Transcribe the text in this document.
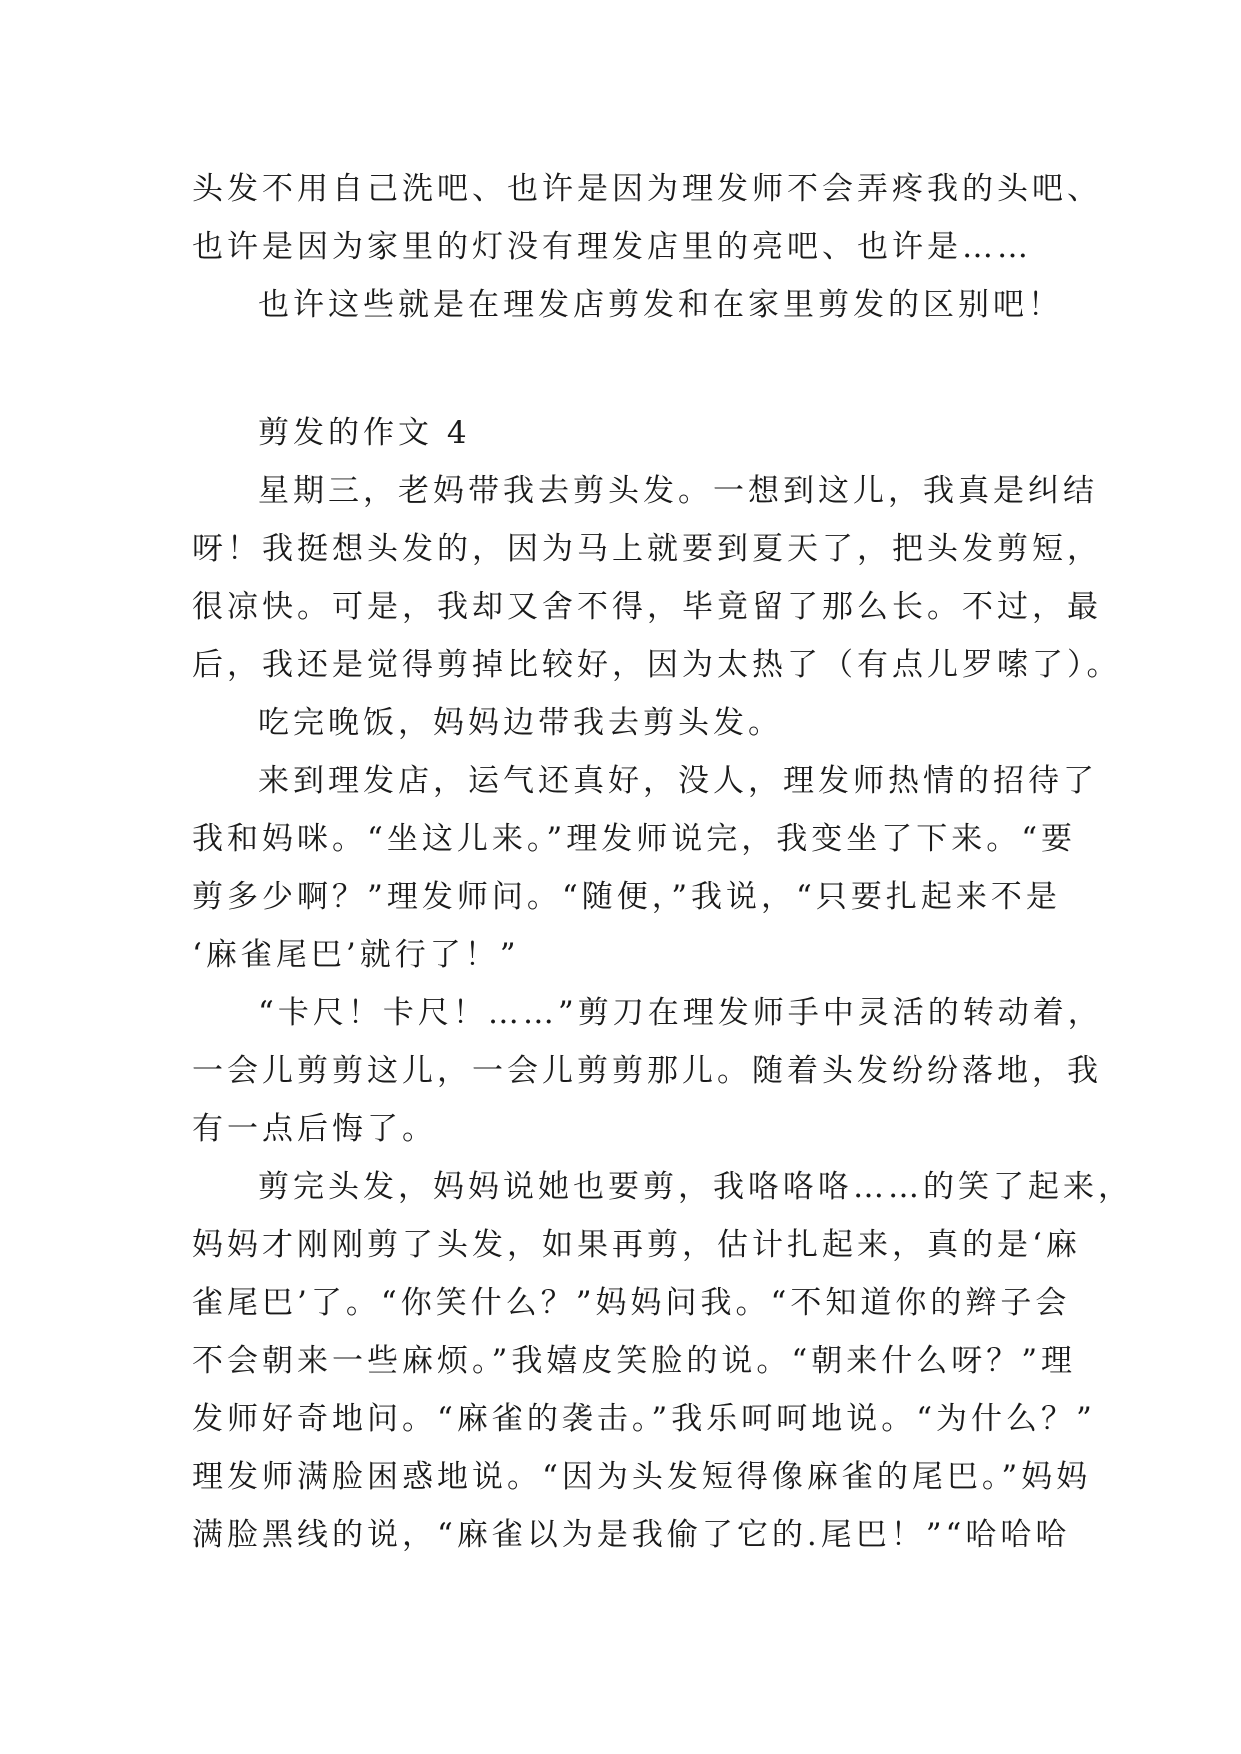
头发不用自己洗吧、也许是因为理发师不会弄疼我的头吧、
也许是因为家里的灯没有理发店里的亮吧、也许是……
也许这些就是在理发店剪发和在家里剪发的区别吧！
剪发的作文 4
星期三，老妈带我去剪头发。一想到这儿，我真是纠结
呀！我挺想头发的，因为马上就要到夏天了，把头发剪短，
很凉快。可是，我却又舍不得，毕竟留了那么长。不过，最
后，我还是觉得剪掉比较好，因为太热了（有点儿罗嗦了）。
吃完晚饭，妈妈边带我去剪头发。
来到理发店，运气还真好，没人，理发师热情的招待了
我和妈咪。“坐这儿来。”理发师说完，我变坐了下来。“要
剪多少啊？”理发师问。“随便，”我说，“只要扎起来不是
‘麻雀尾巴’就行了！”
“卡尺！卡尺！……”剪刀在理发师手中灵活的转动着，
一会儿剪剪这儿，一会儿剪剪那儿。随着头发纷纷落地，我
有一点后悔了。
剪完头发，妈妈说她也要剪，我咯咯咯……的笑了起来，
妈妈才刚刚剪了头发，如果再剪，估计扎起来，真的是‘麻
雀尾巴’了。“你笑什么？”妈妈问我。“不知道你的辫子会
不会朝来一些麻烦。”我嬉皮笑脸的说。“朝来什么呀？”理
发师好奇地问。“麻雀的袭击。”我乐呵呵地说。“为什么？”
理发师满脸困惑地说。“因为头发短得像麻雀的尾巴。”妈妈
满脸黑线的说，“麻雀以为是我偷了它的.尾巴！”“哈哈哈
